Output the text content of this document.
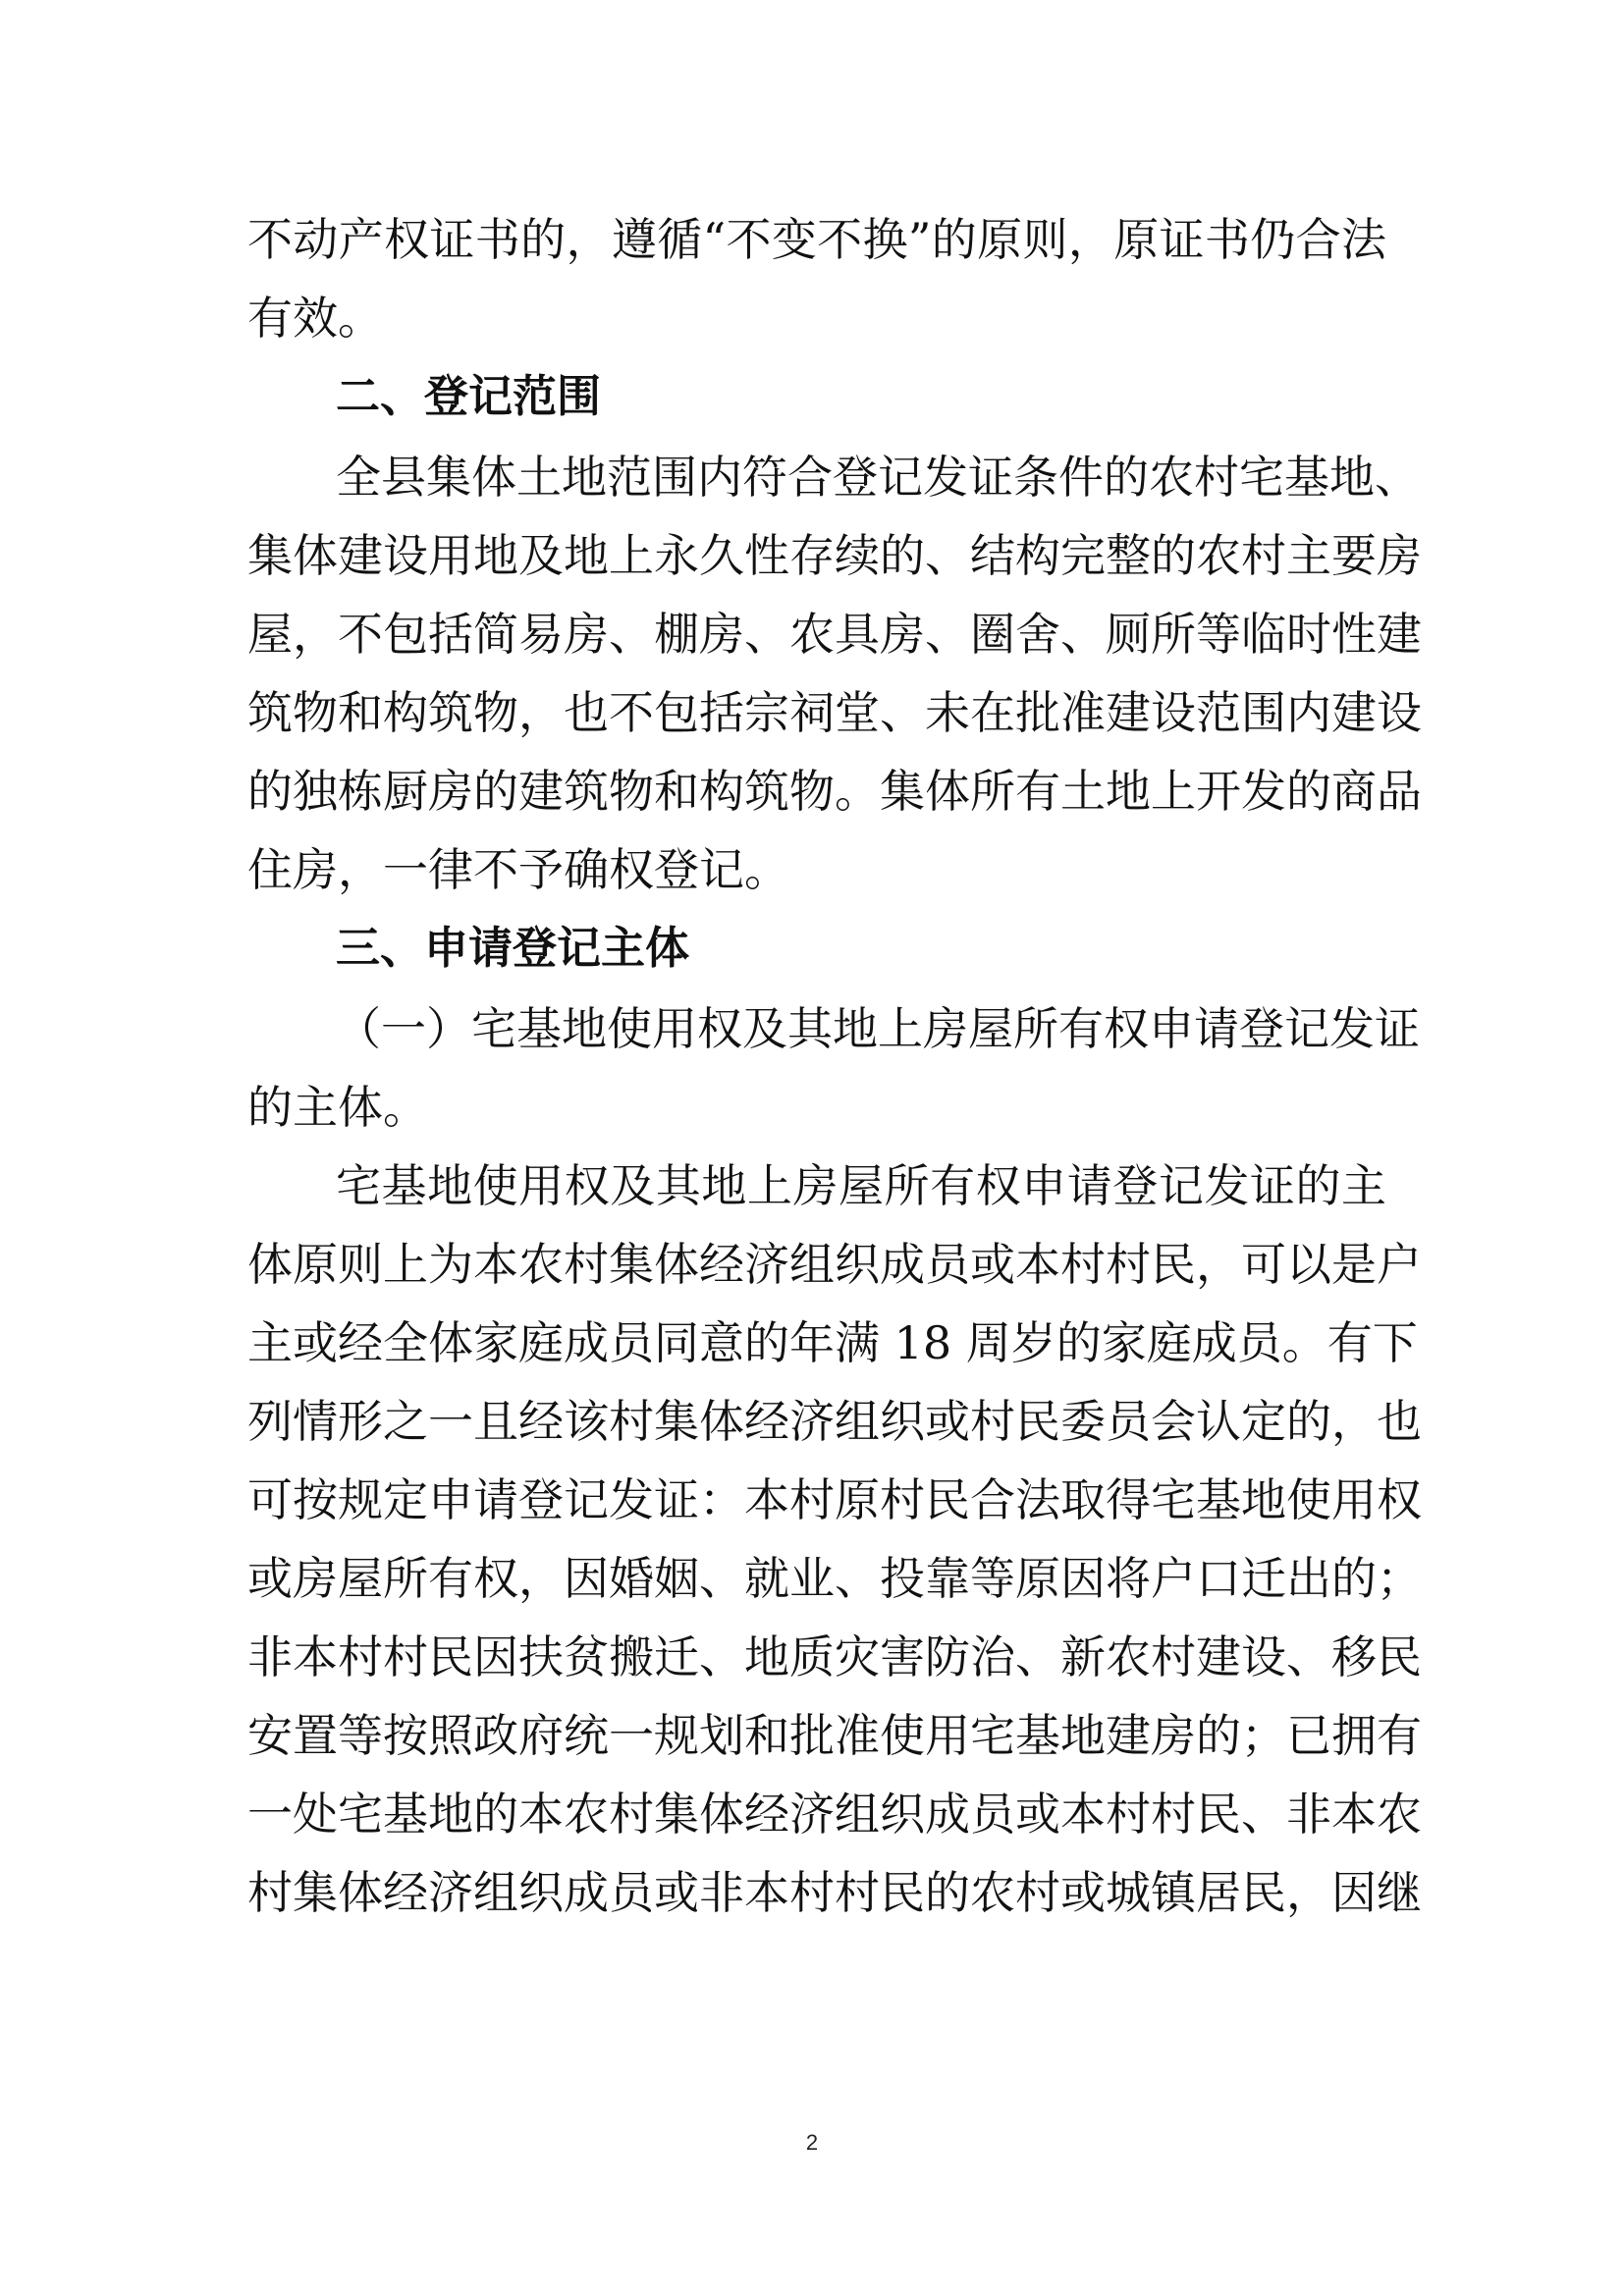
不动产权证书的，遵循“不变不换”的原则，原证书仍合法
有效。
二、登记范围
全县集体土地范围内符合登记发证条件的农村宅基地、
集体建设用地及地上永久性存续的、结构完整的农村主要房
屋，不包括简易房、棚房、农具房、圈舍、厕所等临时性建
筑物和构筑物，也不包括宗祠堂、未在批准建设范围内建设
的独栋厨房的建筑物和构筑物。集体所有土地上开发的商品
住房，一律不予确权登记。
三、申请登记主体
（一）宅基地使用权及其地上房屋所有权申请登记发证
的主体。
宅基地使用权及其地上房屋所有权申请登记发证的主
体原则上为本农村集体经济组织成员或本村村民，可以是户
主或经全体家庭成员同意的年满 18 周岁的家庭成员。有下
列情形之一且经该村集体经济组织或村民委员会认定的，也
可按规定申请登记发证：本村原村民合法取得宅基地使用权
或房屋所有权，因婚姻、就业、投靠等原因将户口迁出的；
非本村村民因扶贫搬迁、地质灾害防治、新农村建设、移民
安置等按照政府统一规划和批准使用宅基地建房的；已拥有
一处宅基地的本农村集体经济组织成员或本村村民、非本农
村集体经济组织成员或非本村村民的农村或城镇居民，因继
2
